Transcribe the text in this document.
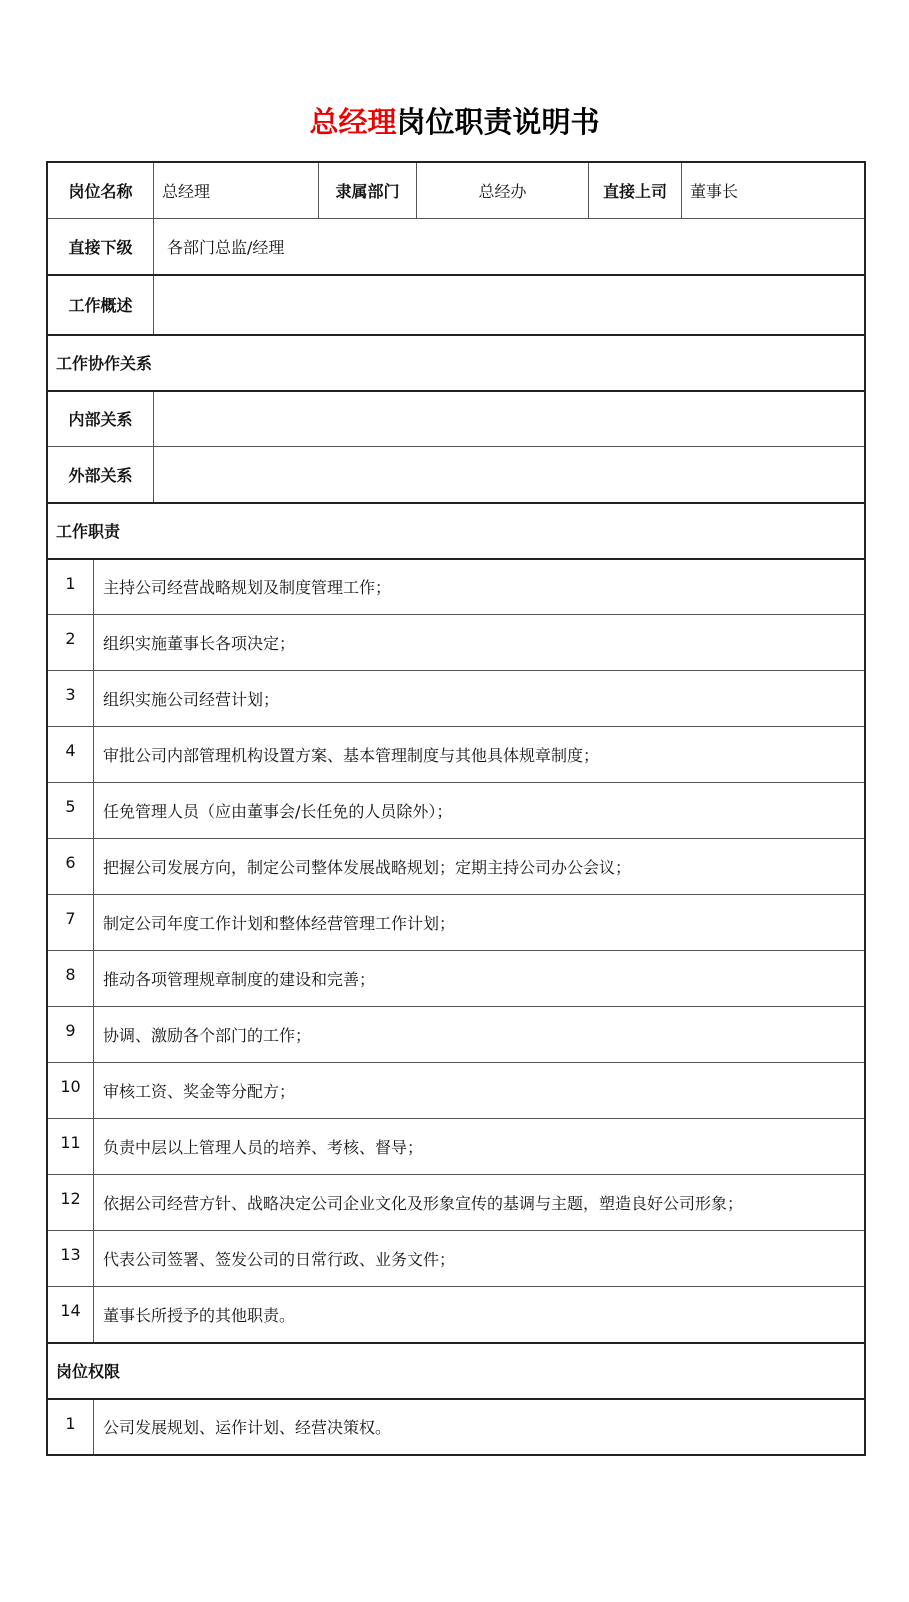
总经理岗位职责说明书
岗位名称		总经理	隶属部门	总经办	直接上司	董事长
直接下级		各部门总监/经理				
工作概述						
工作协作关系						
内部关系						
外部关系						
工作职责						
1	主持公司经营战略规划及制度管理工作；					
2	组织实施董事长各项决定；					
3	组织实施公司经营计划；					
4	审批公司内部管理机构设置方案、基本管理制度与其他具体规章制度；					
5	任免管理人员（应由董事会/长任免的人员除外）；					
6	把握公司发展方向，制定公司整体发展战略规划；定期主持公司办公会议；					
7	制定公司年度工作计划和整体经营管理工作计划；					
8	推动各项管理规章制度的建设和完善；					
9	协调、激励各个部门的工作；					
10	审核工资、奖金等分配方；					
11	负责中层以上管理人员的培养、考核、督导；					
12	依据公司经营方针、战略决定公司企业文化及形象宣传的基调与主题，塑造良好公司形象；					
13	代表公司签署、签发公司的日常行政、业务文件；					
14	董事长所授予的其他职责。					
岗位权限						
1	公司发展规划、运作计划、经营决策权。					
